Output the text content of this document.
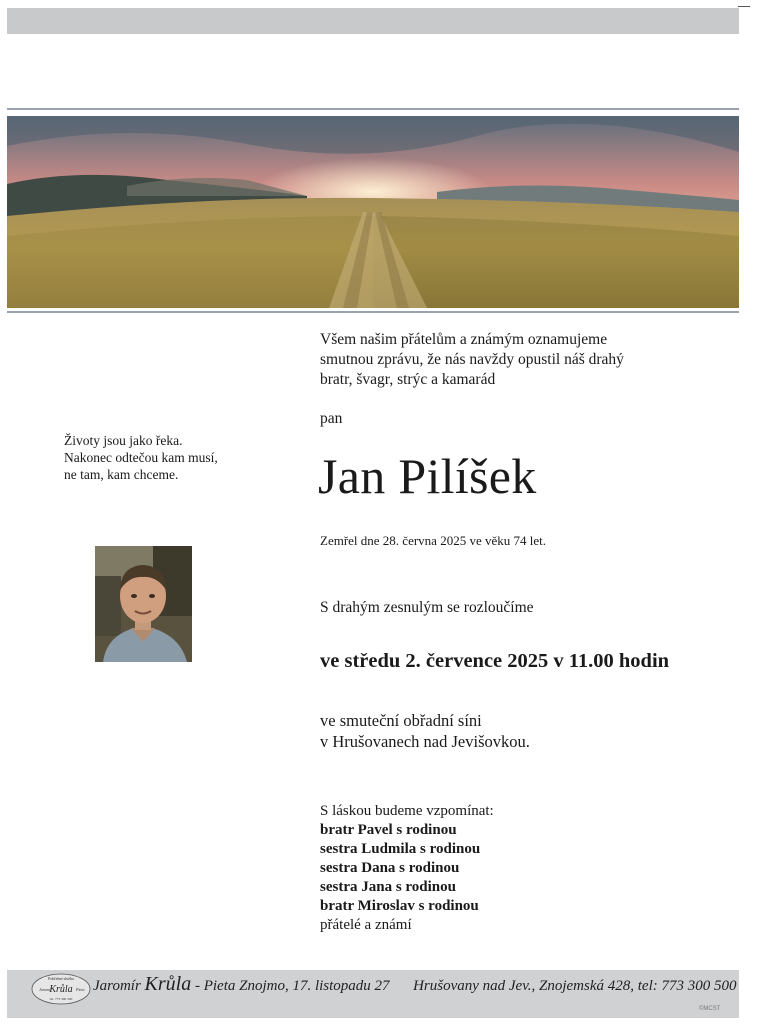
Všem našim přátelům a známým oznamujeme
smutnou zprávu, že nás navždy opustil náš drahý
bratr, švagr, strýc a kamarád
pan
Životy jsou jako řeka.
Nakonec odtečou kam musí,
ne tam, kam chceme.	Jan Pilíšek
Zemřel dne 28. června 2025 ve věku 74 let.
S drahým zesnulým se rozloučíme
ve středu 2. července 2025 v 11.00 hodin
ve smuteční obřadní síni
v Hrušovanech nad Jevišovkou.
S láskou budeme vzpomínat:
bratr Pavel s rodinou
sestra Ludmila s rodinou
sestra Dana s rodinou
sestra Jana s rodinou
bratr Miroslav s rodinou
přátelé a známí
Pohřební služba
Krůla
Jaromír	Pieta
tel. 773 300 500
Jaromír Krůla - Pieta Znojmo, 17. listopadu 27 Hrušovany nad Jev., Znojemská 428, tel: 773 300 500
©MCST
